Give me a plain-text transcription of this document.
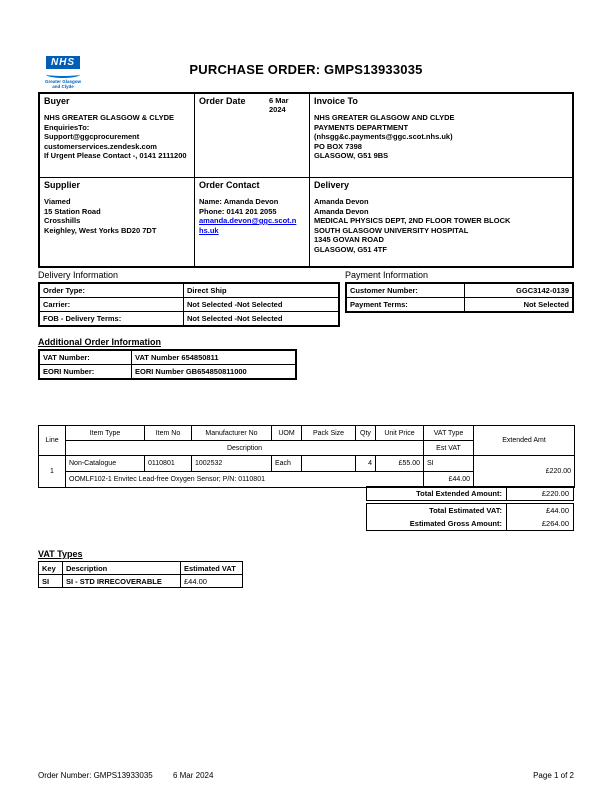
NHS
Greater Glasgow
and Clyde
PURCHASE ORDER: GMPS13933035
Buyer
NHS GREATER GLASGOW & CLYDE
EnquiriesTo:
Support@ggcprocurement
customerservices.zendesk.com
If Urgent Please Contact -, 0141 2111200
Order Date	6 Mar 2024
Invoice To
NHS GREATER GLASGOW AND CLYDE
PAYMENTS DEPARTMENT
(nhsgg&c.payments@ggc.scot.nhs.uk)
PO BOX 7398
GLASGOW, G51 9BS
Supplier
Viamed
15 Station Road
Crosshills
Keighley, West Yorks BD20 7DT
Order Contact
Name: Amanda Devon
Phone: 0141 201 2055
amanda.devon@ggc.scot.nhs.uk
Delivery
Amanda Devon
Amanda Devon
MEDICAL PHYSICS DEPT, 2ND FLOOR TOWER BLOCK
SOUTH GLASGOW UNIVERSITY HOSPITAL
1345 GOVAN ROAD
GLASGOW, G51 4TF
Delivery Information
Order Type:	Direct Ship
Carrier:	Not Selected -Not Selected
FOB - Delivery Terms:	Not Selected -Not Selected
Payment Information
Customer Number:	GGC3142-0139
Payment Terms:	Not Selected
Additional Order Information
VAT Number:	VAT Number 654850811
EORI Number:	EORI Number GB654850811000
Line	Item Type	Item No	Manufacturer No	UOM	Pack Size	Qty	Unit Price	VAT Type	Extended Amt
	Description							Est VAT	
1	Non-Catalogue	0110801	1002532	Each		4	£55.00	SI	£220.00
	OOMLF102-1 Envitec Lead-free Oxygen Sensor; P/N: 0110801							£44.00	
Total Extended Amount:	£220.00
Total Estimated VAT:	£44.00
Estimated Gross Amount:	£264.00
VAT Types
Key	Description	Estimated VAT
SI	SI - STD IRRECOVERABLE	£44.00
Order Number: GMPS13933035	6 Mar 2024	Page 1 of 2
